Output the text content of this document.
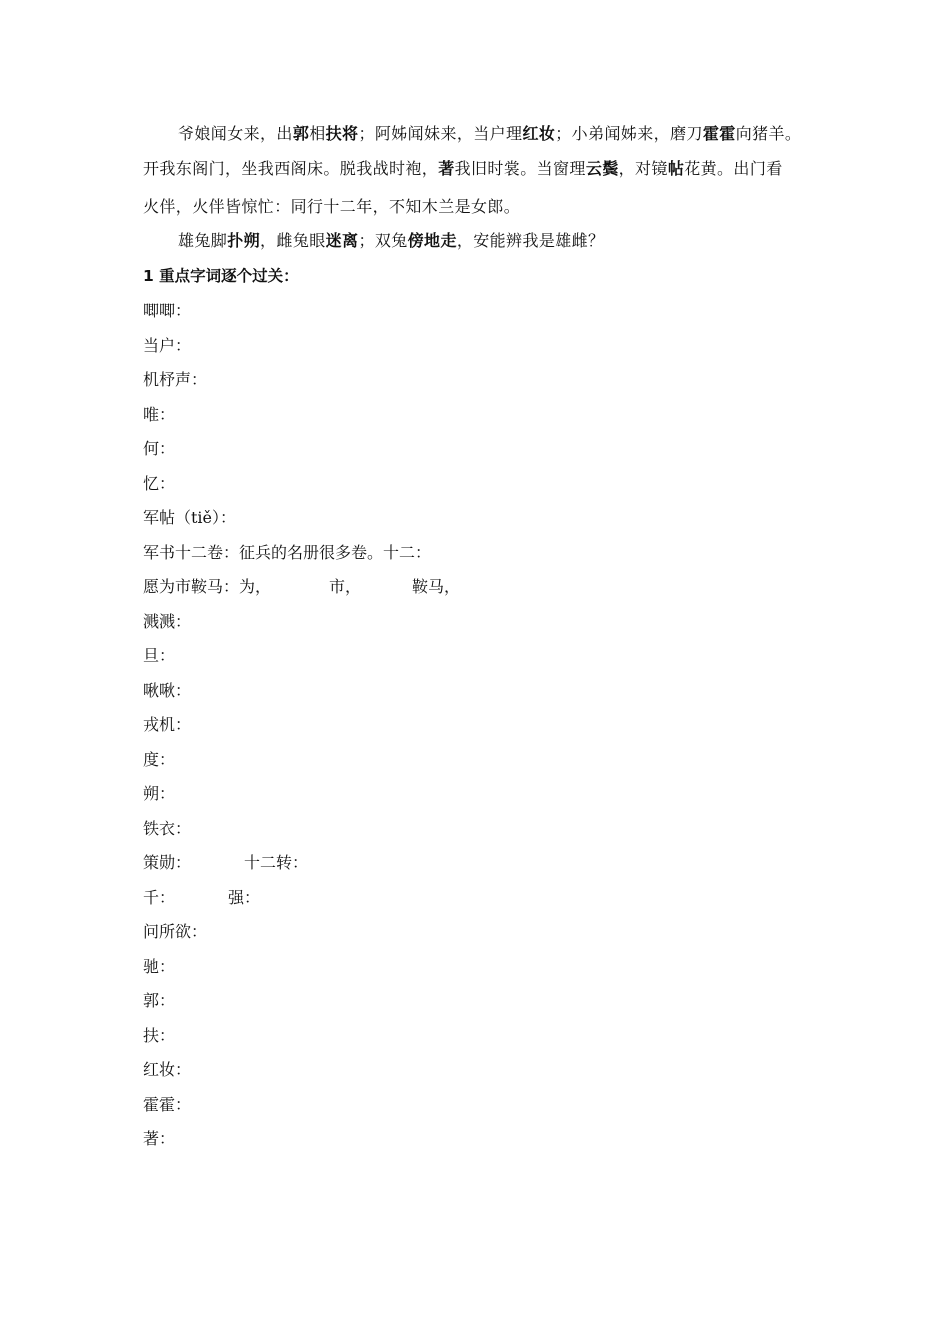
爷娘闻女来，出郭相扶将；阿姊闻妹来，当户理红妆；小弟闻姊来，磨刀霍霍向猪羊。
开我东阁门，坐我西阁床。脱我战时袍，著我旧时裳。当窗理云鬓，对镜帖花黄。出门看
火伴，火伴皆惊忙：同行十二年，不知木兰是女郎。
雄兔脚扑朔，雌兔眼迷离；双兔傍地走，安能辨我是雄雌？
1 重点字词逐个过关：
唧唧：
当户：
机杼声：
唯：
何：
忆：
军帖（tiě）：
军书十二卷：征兵的名册很多卷。十二：
愿为市鞍马：为，	市，	鞍马，
溅溅：
旦：
啾啾：
戎机：
度：
朔：
铁衣：
策勋：	十二转：
千：	强：
问所欲：
驰：
郭：
扶：
红妆：
霍霍：
著：
